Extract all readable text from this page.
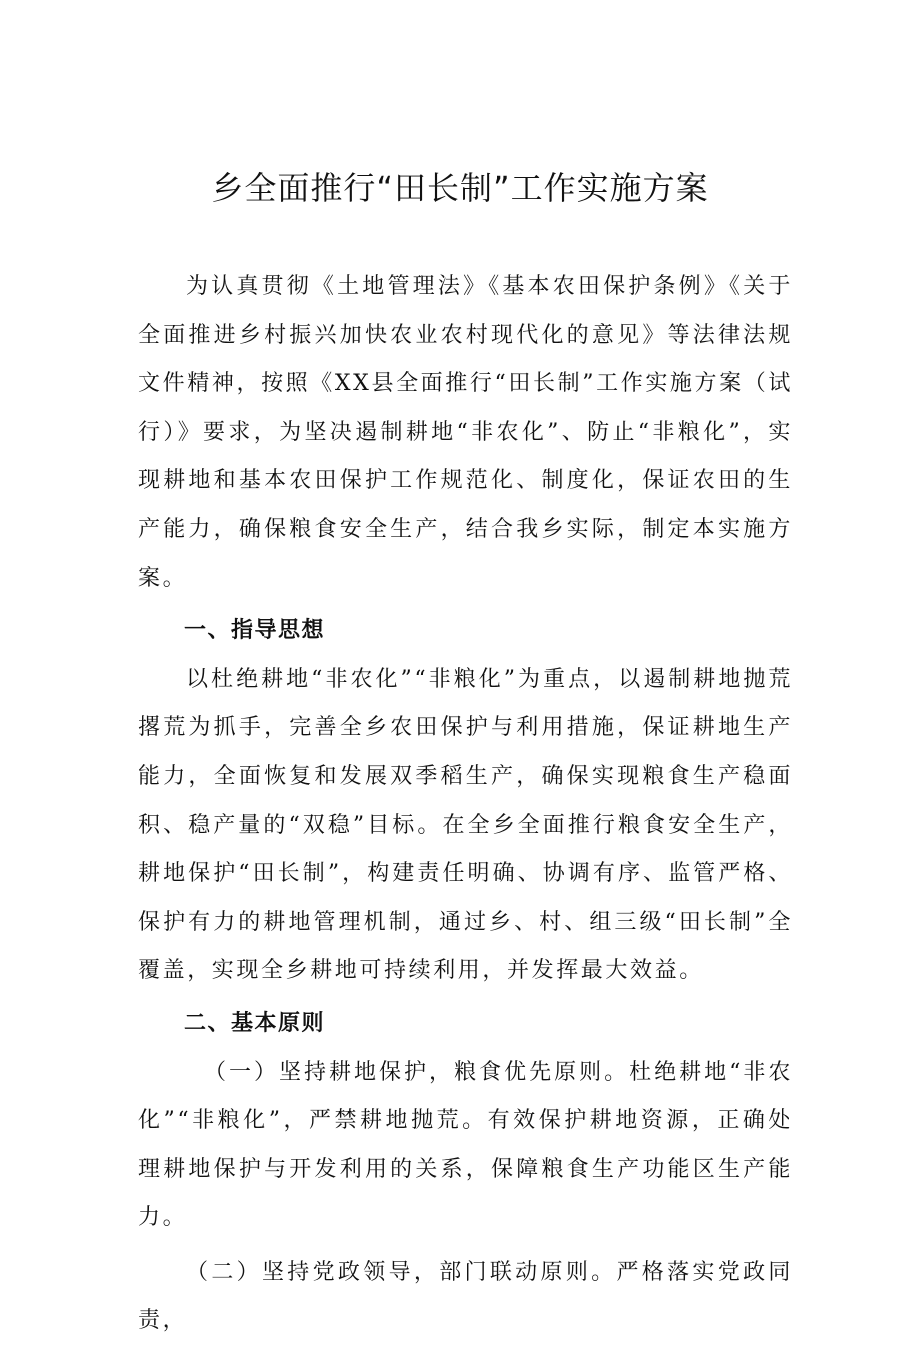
乡全面推行“田长制”工作实施方案

为认真贯彻《土地管理法》《基本农田保护条例》《关于全面推进乡村振兴加快农业农村现代化的意见》等法律法规文件精神，按照《XX县全面推行“田长制”工作实施方案（试行）》要求，为坚决遏制耕地“非农化”、防止“非粮化”，实现耕地和基本农田保护工作规范化、制度化，保证农田的生产能力，确保粮食安全生产，结合我乡实际，制定本实施方案。

一、指导思想

以杜绝耕地“非农化”“非粮化”为重点，以遏制耕地抛荒撂荒为抓手，完善全乡农田保护与利用措施，保证耕地生产能力，全面恢复和发展双季稻生产，确保实现粮食生产稳面积、稳产量的“双稳”目标。在全乡全面推行粮食安全生产，耕地保护“田长制”，构建责任明确、协调有序、监管严格、保护有力的耕地管理机制，通过乡、村、组三级“田长制”全覆盖，实现全乡耕地可持续利用，并发挥最大效益。

二、基本原则

（一）坚持耕地保护，粮食优先原则。杜绝耕地“非农化”“非粮化”，严禁耕地抛荒。有效保护耕地资源，正确处理耕地保护与开发利用的关系，保障粮食生产功能区生产能力。

（二）坚持党政领导，部门联动原则。严格落实党政同责，
